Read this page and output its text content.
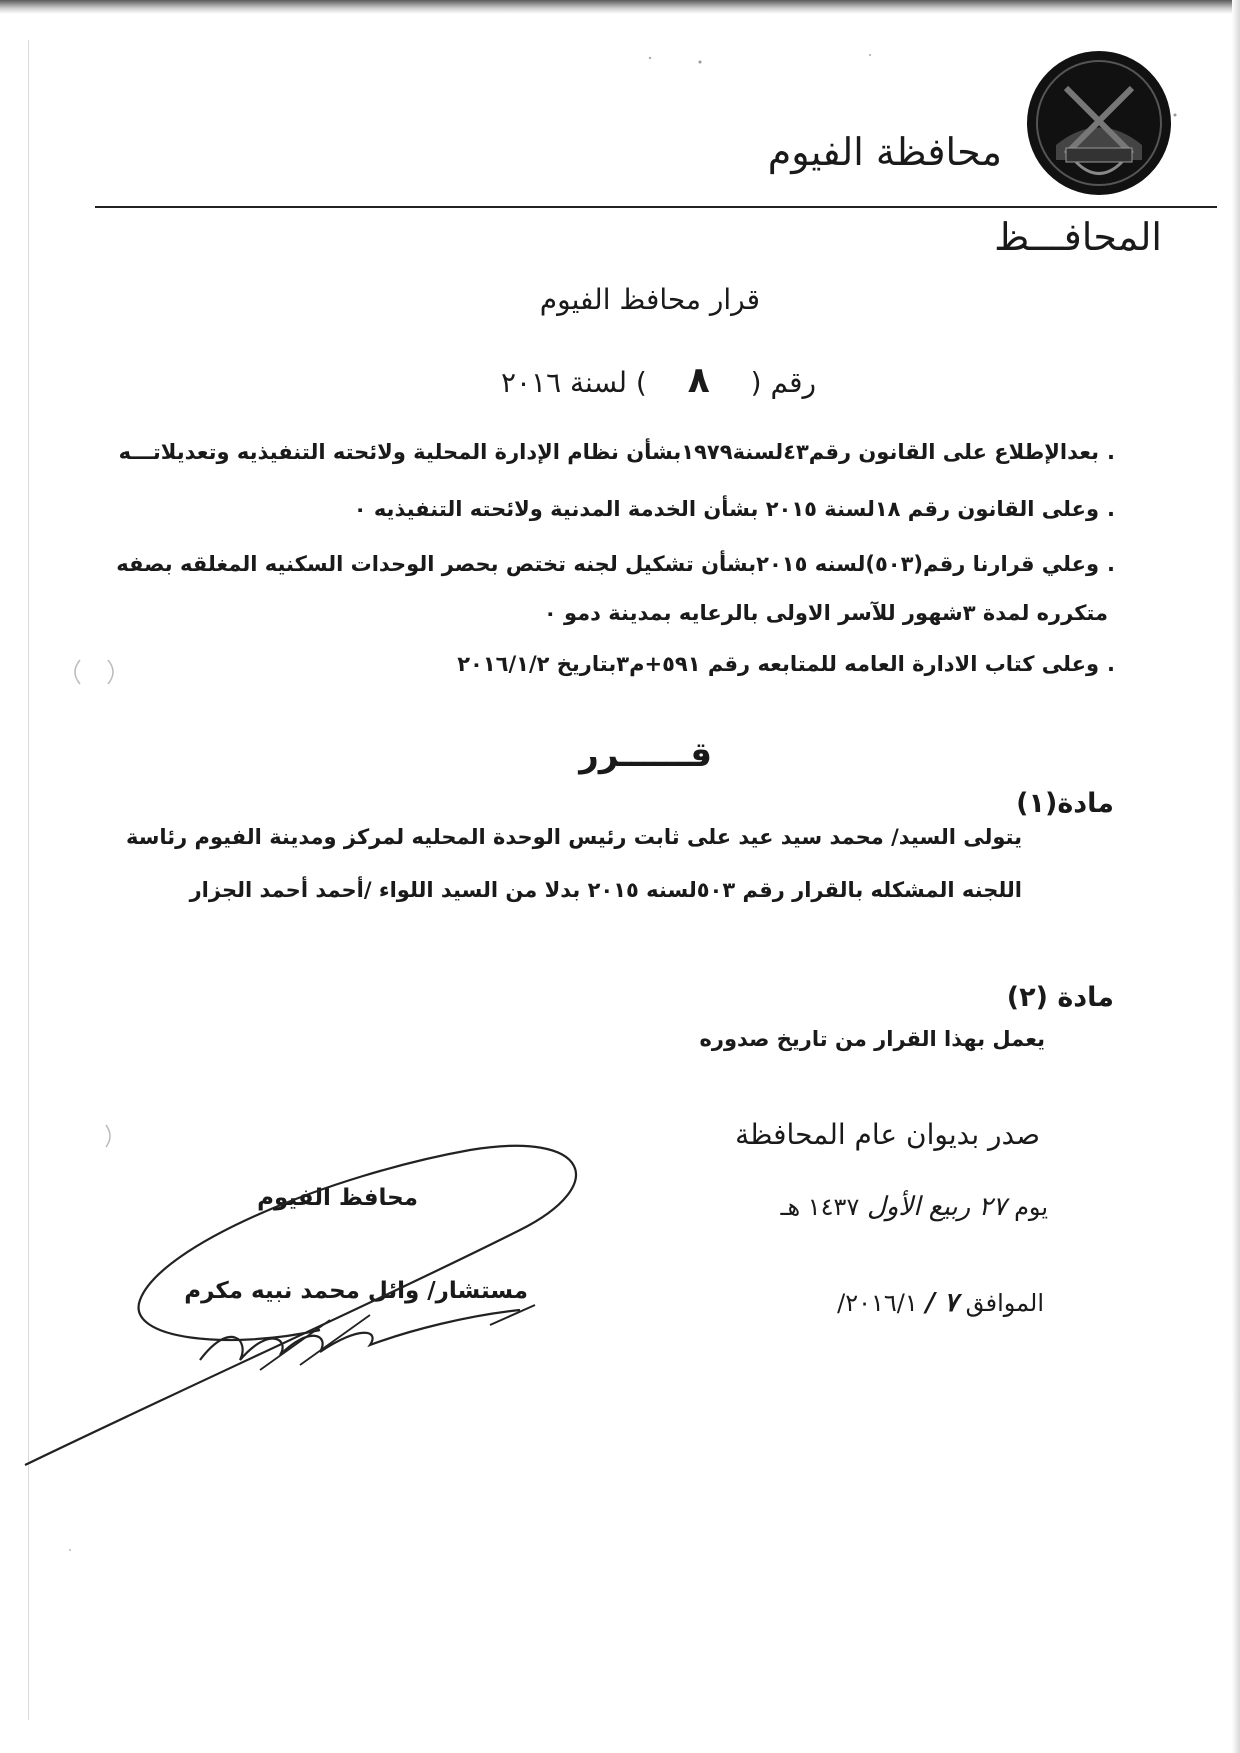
محافظة الفيوم
المحافـــظ
قرار محافظ الفيوم
رقم ( ٨ ) لسنة ٢٠١٦
.بعدالإطلاع على القانون رقم٤٣لسنة١٩٧٩بشأن نظام الإدارة المحلية ولائحته التنفيذيه وتعديلاتـــه
.وعلى القانون رقم ١٨لسنة ٢٠١٥ بشأن الخدمة المدنية ولائحته التنفيذيه ٠
.وعلي قرارنا رقم(٥٠٣)لسنه ٢٠١٥بشأن تشكيل لجنه تختص بحصر الوحدات السكنيه المغلقه بصفه
متكرره لمدة ٣شهور للآسر الاولى بالرعايه بمدينة دمو ٠
.وعلى كتاب الادارة العامه للمتابعه رقم ٥٩١+م٣بتاريخ ٢٠١٦/١/٢
قــــــرر
مادة(١)
يتولى السيد/ محمد سيد عيد على ثابت رئيس الوحدة المحليه لمركز ومدينة الفيوم رئاسة
اللجنه المشكله بالقرار رقم ٥٠٣لسنه ٢٠١٥ بدلا من السيد اللواء /أحمد أحمد الجزار
مادة (٢)
يعمل بهذا القرار من تاريخ صدوره
صدر بديوان عام المحافظة
يوم ٢٧ ربيع الأول ١٤٣٧ هـ
الموافق ٧ / ٢٠١٦/١/
محافظ الفيوم
مستشار/ وائل محمد نبيه مكرم
